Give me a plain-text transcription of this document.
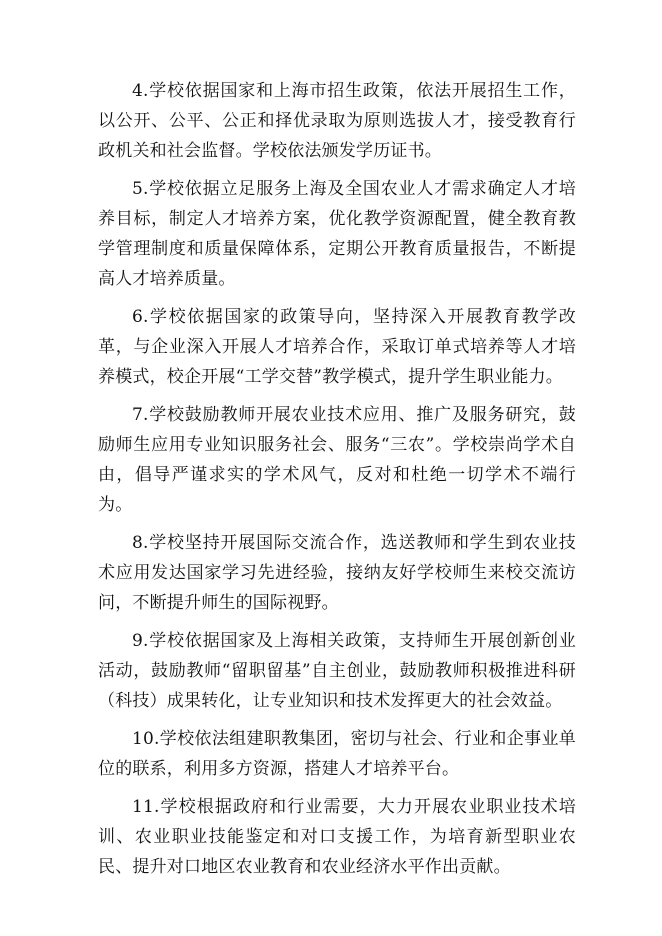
4.学校依据国家和上海市招生政策，依法开展招生工作，以公开、公平、公正和择优录取为原则选拔人才，接受教育行政机关和社会监督。学校依法颁发学历证书。

5.学校依据立足服务上海及全国农业人才需求确定人才培养目标，制定人才培养方案，优化教学资源配置，健全教育教学管理制度和质量保障体系，定期公开教育质量报告，不断提高人才培养质量。

6.学校依据国家的政策导向，坚持深入开展教育教学改革，与企业深入开展人才培养合作，采取订单式培养等人才培养模式，校企开展“工学交替”教学模式，提升学生职业能力。

7.学校鼓励教师开展农业技术应用、推广及服务研究，鼓励师生应用专业知识服务社会、服务“三农”。学校崇尚学术自由，倡导严谨求实的学术风气，反对和杜绝一切学术不端行为。

8.学校坚持开展国际交流合作，选送教师和学生到农业技术应用发达国家学习先进经验，接纳友好学校师生来校交流访问，不断提升师生的国际视野。

9.学校依据国家及上海相关政策，支持师生开展创新创业活动，鼓励教师“留职留基”自主创业，鼓励教师积极推进科研（科技）成果转化，让专业知识和技术发挥更大的社会效益。

10.学校依法组建职教集团，密切与社会、行业和企事业单位的联系，利用多方资源，搭建人才培养平台。

11.学校根据政府和行业需要，大力开展农业职业技术培训、农业职业技能鉴定和对口支援工作，为培育新型职业农民、提升对口地区农业教育和农业经济水平作出贡献。
